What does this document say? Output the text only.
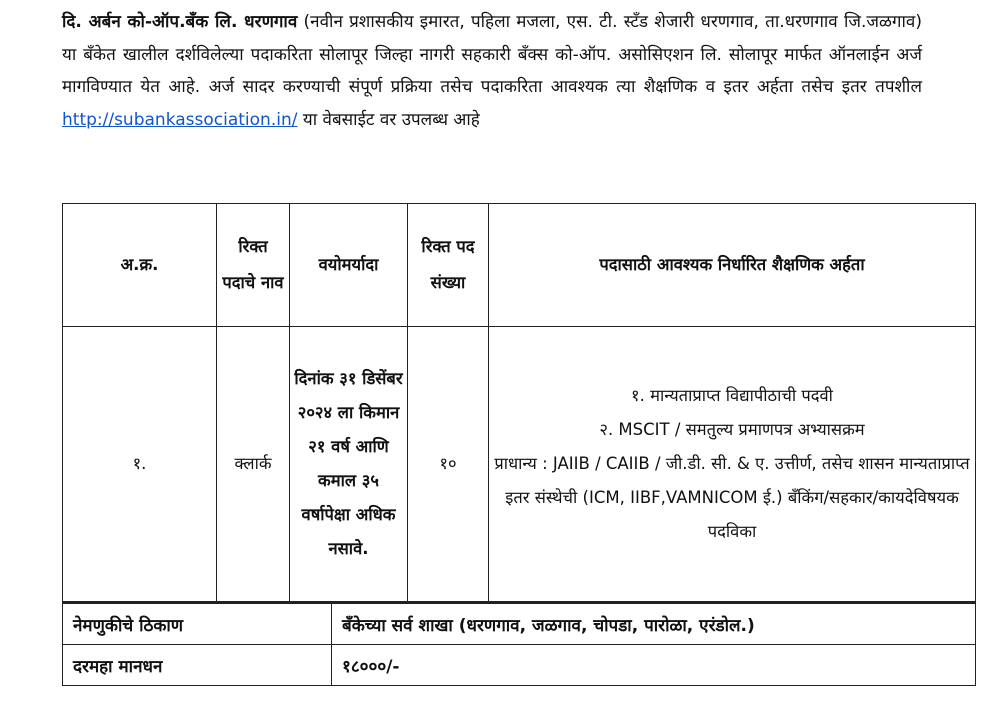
दि. अर्बन को-ऑप.बँक लि. धरणगाव (नवीन प्रशासकीय इमारत, पहिला मजला, एस. टी. स्टँड शेजारी धरणगाव, ता.धरणगाव जि.जळगाव) या बँकेत खालील दर्शविलेल्या पदाकरिता सोलापूर जिल्हा नागरी सहकारी बँक्स को-ऑप. असोसिएशन लि. सोलापूर मार्फत ऑनलाईन अर्ज मागविण्यात येत आहे. अर्ज सादर करण्याची संपूर्ण प्रक्रिया तसेच पदाकरिता आवश्यक त्या शैक्षणिक व इतर अर्हता तसेच इतर तपशील http://subankassociation.in/ या वेबसाईट वर उपलब्ध आहे
अ.क्र.	रिक्त पदाचे नाव	वयोमर्यादा	रिक्त पद संख्या	पदासाठी आवश्यक निर्धारित शैक्षणिक अर्हता
१.	क्लार्क	दिनांक ३१ डिसेंबर २०२४ ला किमान २१ वर्ष आणि कमाल ३५ वर्षापेक्षा अधिक नसावे.	१०	१. मान्यताप्राप्त विद्यापीठाची पदवी
२. MSCIT / समतुल्य प्रमाणपत्र अभ्यासक्रम
प्राधान्य : JAIIB / CAIIB / जी.डी. सी. & ए. उत्तीर्ण, तसेच शासन मान्यताप्राप्त इतर संस्थेची (ICM, IIBF,VAMNICOM ई.) बँकिंग/सहकार/कायदेविषयक पदविका
नेमणुकीचे ठिकाण	बँकेच्या सर्व शाखा (धरणगाव, जळगाव, चोपडा, पारोळा, एरंडोल.)
दरमहा मानधन	१८०००/-
